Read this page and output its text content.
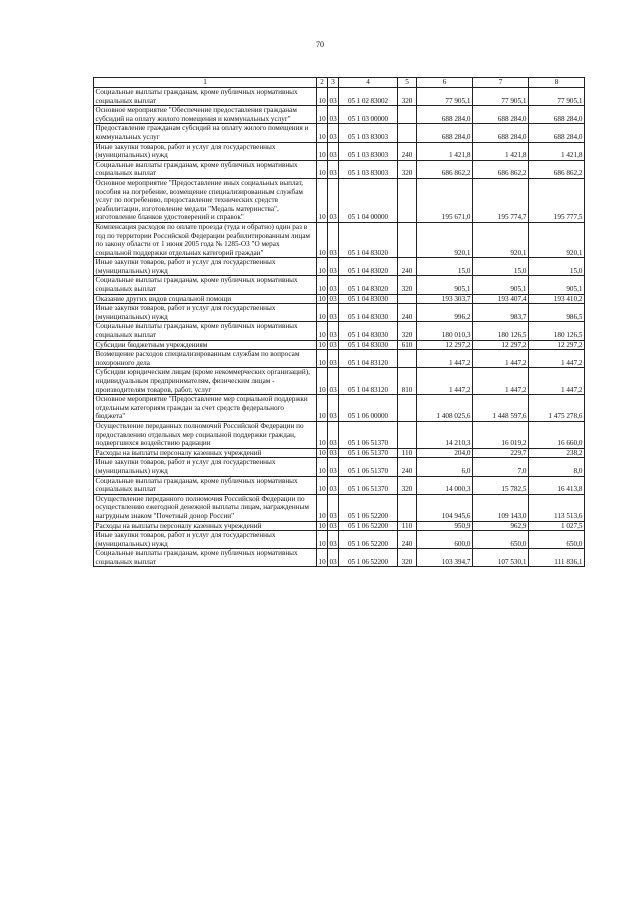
70
1	2	3	4	5	6	7	8
Социальные выплаты гражданам, кроме публичных нормативных социальных выплат	10	03	05 1 02 83002	320	77 905,1	77 905,1	77 905,1
Основное мероприятие "Обеспечение предоставления гражданам субсидий на оплату жилого помещения и коммунальных услуг"	10	03	05 1 03 00000		688 284,0	688 284,0	688 284,0
Предоставление гражданам субсидий на оплату жилого помещения и коммунальных услуг	10	03	05 1 03 83003		688 284,0	688 284,0	688 284,0
Иные закупки товаров, работ и услуг для государственных (муниципальных) нужд	10	03	05 1 03 83003	240	1 421,8	1 421,8	1 421,8
Социальные выплаты гражданам, кроме публичных нормативных социальных выплат	10	03	05 1 03 83003	320	686 862,2	686 862,2	686 862,2
Основное мероприятие "Предоставление иных социальных выплат, пособия на погребение, возмещение специализированным службам услуг по погребению, предоставление технических средств реабилитации, изготовление медали "Медаль материнства", изготовление бланков удостоверений и справок"	10	03	05 1 04 00000		195 671,0	195 774,7	195 777,5
Компенсация расходов по оплате проезда (туда и обратно) один раз в год по территории Российской Федерации реабилитированным лицам по закону области от 1 июня 2005 года № 1285-ОЗ "О мерах социальной поддержки отдельных категорий граждан"	10	03	05 1 04 83020		920,1	920,1	920,1
Иные закупки товаров, работ и услуг для государственных (муниципальных) нужд	10	03	05 1 04 83020	240	15,0	15,0	15,0
Социальные выплаты гражданам, кроме публичных нормативных социальных выплат	10	03	05 1 04 83020	320	905,1	905,1	905,1
Оказание других видов социальной помощи	10	03	05 1 04 83030		193 303,7	193 407,4	193 410,2
Иные закупки товаров, работ и услуг для государственных (муниципальных) нужд	10	03	05 1 04 83030	240	996,2	983,7	986,5
Социальные выплаты гражданам, кроме публичных нормативных социальных выплат	10	03	05 1 04 83030	320	180 010,3	180 126,5	180 126,5
Субсидии бюджетным учреждениям	10	03	05 1 04 83030	610	12 297,2	12 297,2	12 297,2
Возмещение расходов специализированным службам по вопросам похоронного дела	10	03	05 1 04 83120		1 447,2	1 447,2	1 447,2
Субсидии юридическим лицам (кроме некоммерческих организаций), индивидуальным предпринимателям, физическим лицам - производителям товаров, работ, услуг	10	03	05 1 04 83120	810	1 447,2	1 447,2	1 447,2
Основное мероприятие "Предоставление мер социальной поддержки отдельным категориям граждан за счет средств федерального бюджета"	10	03	05 1 06 00000		1 408 025,6	1 448 597,6	1 475 278,6
Осуществление переданных полномочий Российской Федерации по предоставлению отдельных мер социальной поддержки граждан, подвергшихся воздействию радиации	10	03	05 1 06 51370		14 210,3	16 019,2	16 660,0
Расходы на выплаты персоналу казенных учреждений	10	03	05 1 06 51370	110	204,0	229,7	238,2
Иные закупки товаров, работ и услуг для государственных (муниципальных) нужд	10	03	05 1 06 51370	240	6,0	7,0	8,0
Социальные выплаты гражданам, кроме публичных нормативных социальных выплат	10	03	05 1 06 51370	320	14 000,3	15 782,5	16 413,8
Осуществление переданного полномочия Российской Федерации по осуществлению ежегодной денежной выплаты лицам, награжденным нагрудным знаком "Почетный донор России"	10	03	05 1 06 52200		104 945,6	109 143,0	113 513,6
Расходы на выплаты персоналу казенных учреждений	10	03	05 1 06 52200	110	950,9	962,9	1 027,5
Иные закупки товаров, работ и услуг для государственных (муниципальных) нужд	10	03	05 1 06 52200	240	600,0	650,0	650,0
Социальные выплаты гражданам, кроме публичных нормативных социальных выплат	10	03	05 1 06 52200	320	103 394,7	107 530,1	111 836,1
